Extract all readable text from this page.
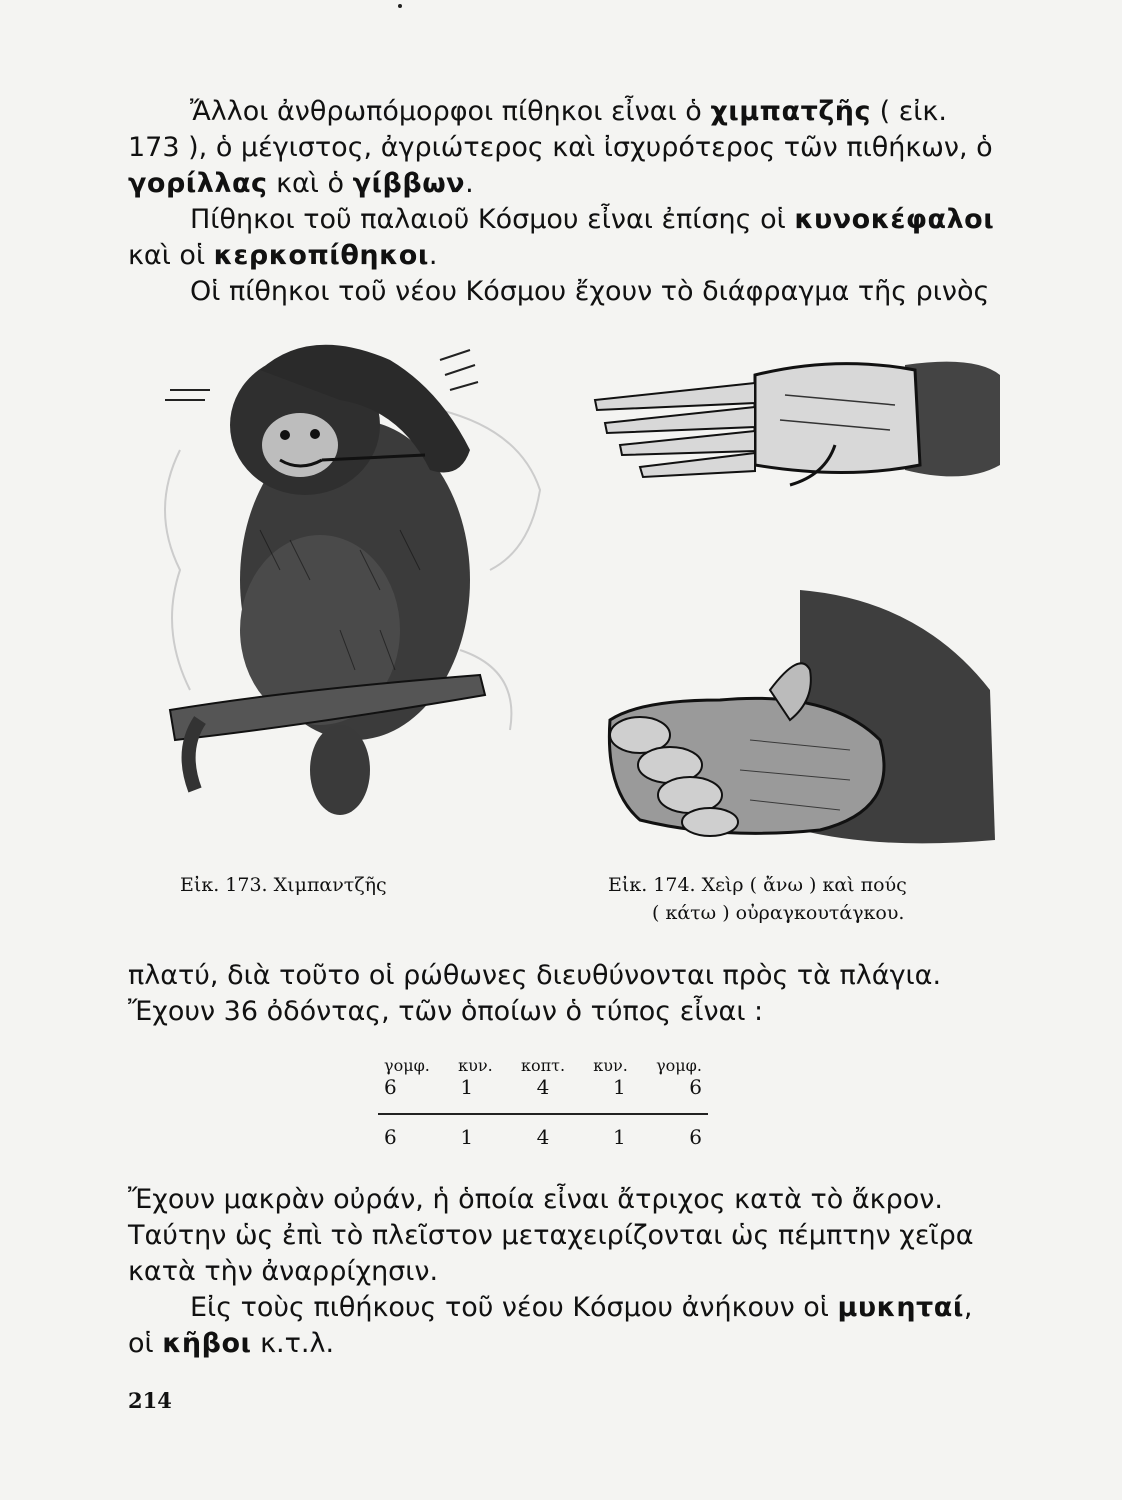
Ἄλλοι ἀνθρωπόμορφοι πίθηκοι εἶναι ὁ χιμπατζῆς ( εἰκ. 173 ), ὁ μέγιστος, ἀγριώτερος καὶ ἰσχυρότερος τῶν πιθήκων, ὁ γορίλλας καὶ ὁ γίββων.

Πίθηκοι τοῦ παλαιοῦ Κόσμου εἶναι ἐπίσης οἱ κυνοκέφαλοι καὶ οἱ κερκοπίθηκοι.

Οἱ πίθηκοι τοῦ νέου Κόσμου ἔχουν τὸ διάφραγμα τῆς ρινὸς

Εἰκ. 173. Χιμπαντζῆς	Εἰκ. 174. Χεὶρ ( ἄνω ) καὶ πούς
( κάτω ) οὐραγκουτάγκου.

πλατύ, διὰ τοῦτο οἱ ρώθωνες διευθύνονται πρὸς τὰ πλάγια. Ἔχουν 36 ὀδόντας, τῶν ὁποίων ὁ τύπος εἶναι :

γομφ. κυν. κοπτ. κυν. γομφ.
6	1	4	1	6
6	1	4	1	6

Ἔχουν μακρὰν οὐράν, ἡ ὁποία εἶναι ἄτριχος κατὰ τὸ ἄκρον. Ταύτην ὡς ἐπὶ τὸ πλεῖστον μεταχειρίζονται ὡς πέμπτην χεῖρα κατὰ τὴν ἀναρρίχησιν.

Εἰς τοὺς πιθήκους τοῦ νέου Κόσμου ἀνήκουν οἱ μυκηταί, οἱ κῆβοι κ.τ.λ.

214
